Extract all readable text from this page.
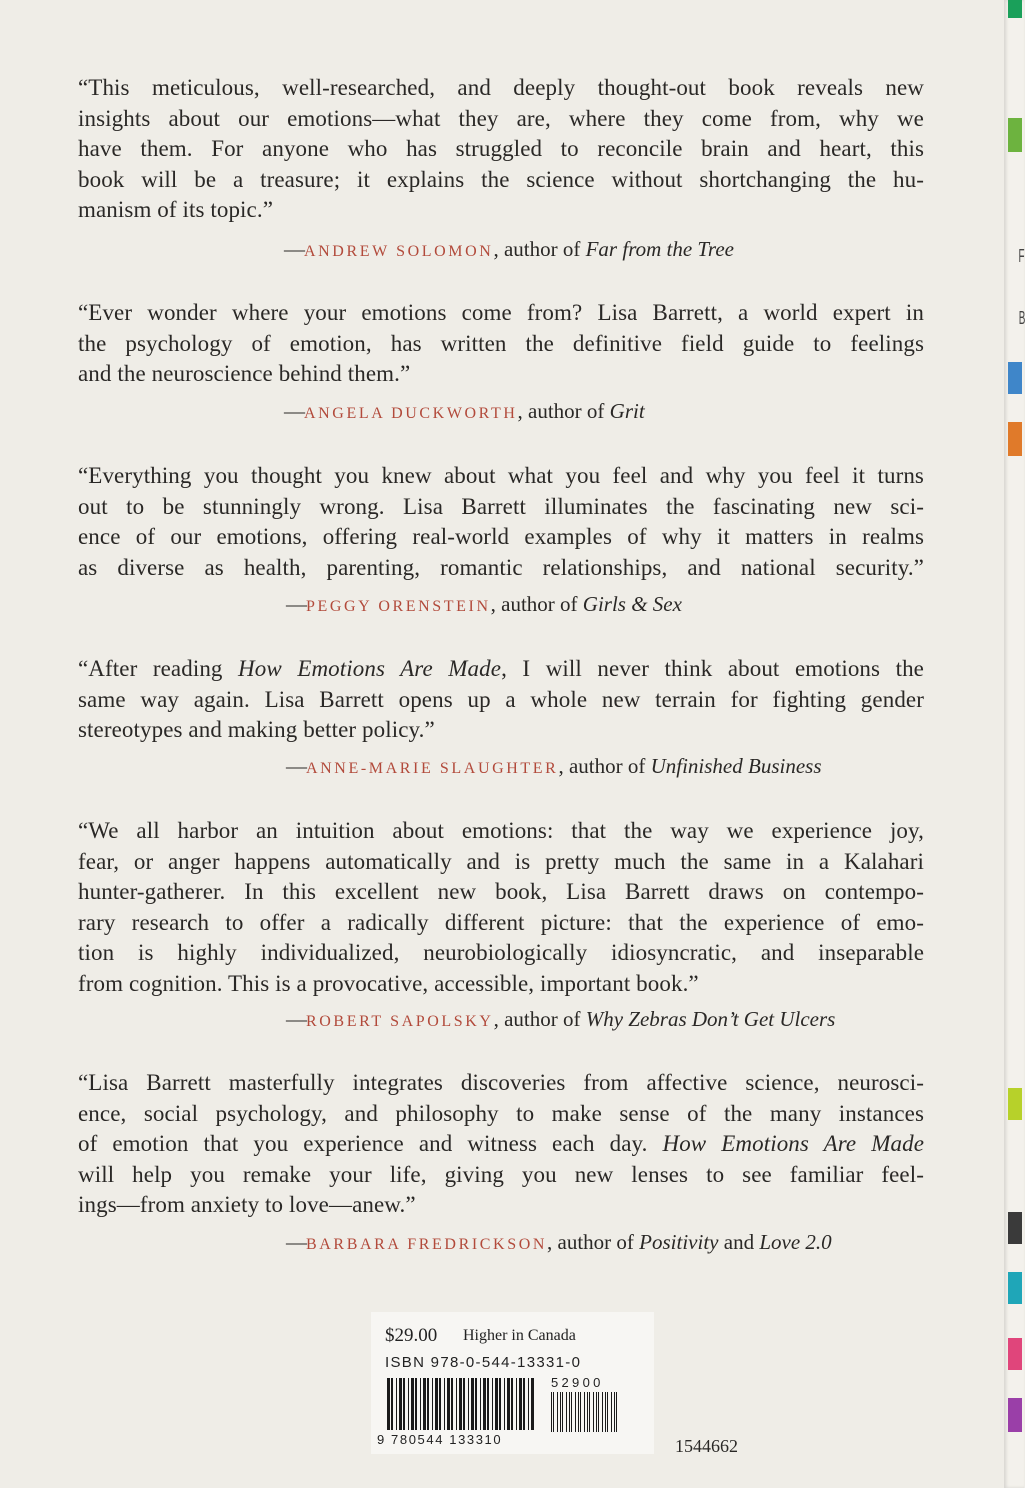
“This meticulous, well-researched, and deeply thought-out book reveals new
insights about our emotions—what they are, where they come from, why we
have them. For anyone who has struggled to reconcile brain and heart, this
book will be a treasure; it explains the science without shortchanging the hu-
manism of its topic.”
—ANDREW SOLOMON, author of Far from the Tree
“Ever wonder where your emotions come from? Lisa Barrett, a world expert in
the psychology of emotion, has written the definitive field guide to feelings
and the neuroscience behind them.”
—ANGELA DUCKWORTH, author of Grit
“Everything you thought you knew about what you feel and why you feel it turns
out to be stunningly wrong. Lisa Barrett illuminates the fascinating new sci-
ence of our emotions, offering real-world examples of why it matters in realms
as diverse as health, parenting, romantic relationships, and national security.”
—PEGGY ORENSTEIN, author of Girls & Sex
“After reading How Emotions Are Made, I will never think about emotions the
same way again. Lisa Barrett opens up a whole new terrain for fighting gender
stereotypes and making better policy.”
—ANNE-MARIE SLAUGHTER, author of Unfinished Business
“We all harbor an intuition about emotions: that the way we experience joy,
fear, or anger happens automatically and is pretty much the same in a Kalahari
hunter-gatherer. In this excellent new book, Lisa Barrett draws on contempo-
rary research to offer a radically different picture: that the experience of emo-
tion is highly individualized, neurobiologically idiosyncratic, and inseparable
from cognition. This is a provocative, accessible, important book.”
—ROBERT SAPOLSKY, author of Why Zebras Don’t Get Ulcers
“Lisa Barrett masterfully integrates discoveries from affective science, neurosci-
ence, social psychology, and philosophy to make sense of the many instances
of emotion that you experience and witness each day. How Emotions Are Made
will help you remake your life, giving you new lenses to see familiar feel-
ings—from anxiety to love—anew.”
—BARBARA FREDRICKSON, author of Positivity and Love 2.0
$29.00 Higher in Canada
ISBN 978-0-544-13331-0
9 780544 133310
52900
1544662
F
B
